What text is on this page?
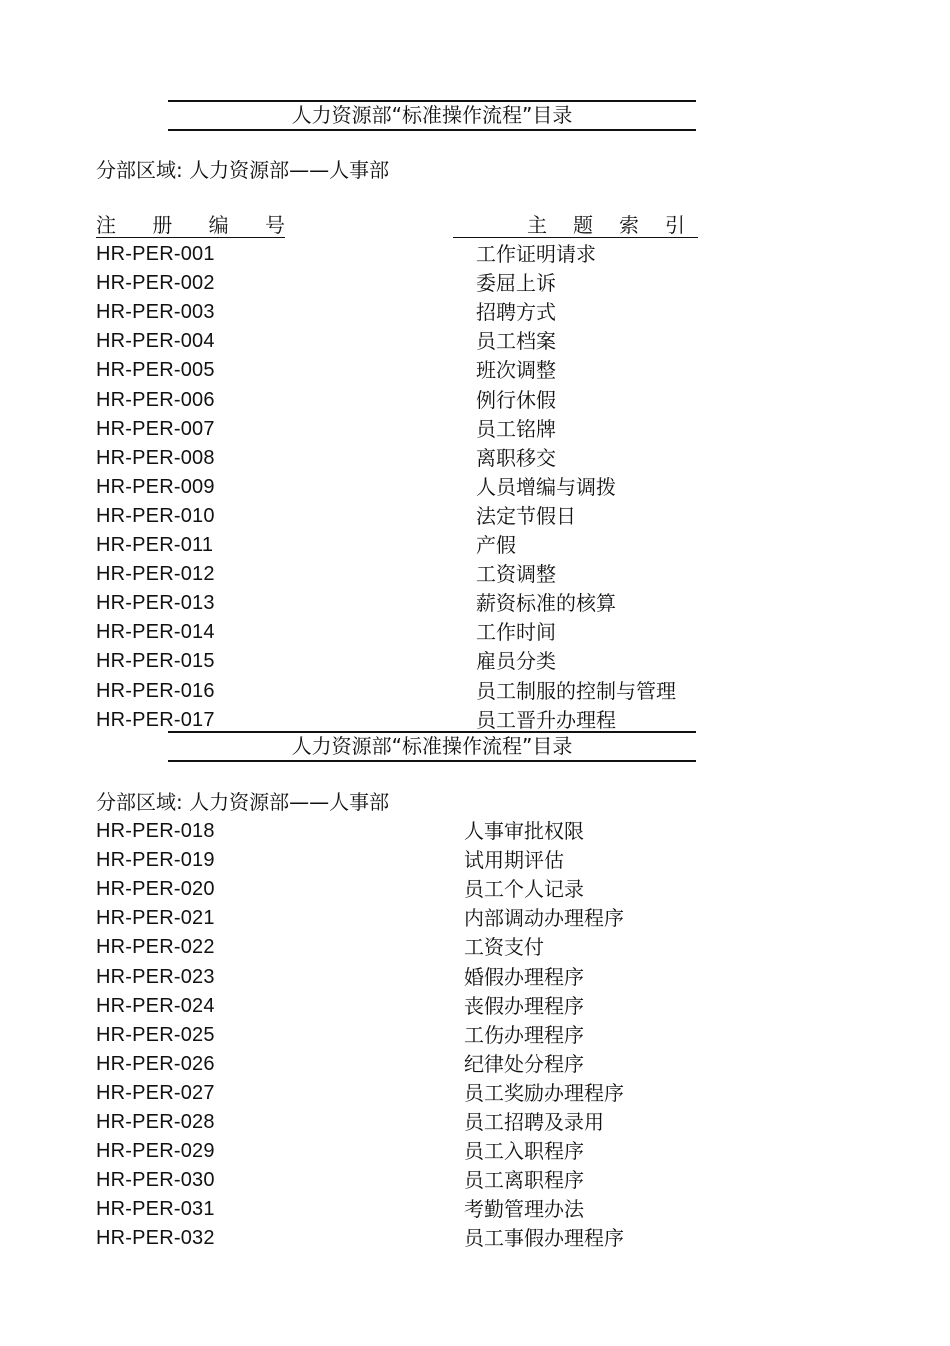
人力资源部“标准操作流程”目录
分部区域: 人力资源部——人事部
注 册 编 号	主	题	索	引
HR-PER-001	工作证明请求
HR-PER-002	委屈上诉
HR-PER-003	招聘方式
HR-PER-004	员工档案
HR-PER-005	班次调整
HR-PER-006	例行休假
HR-PER-007	员工铭牌
HR-PER-008	离职移交
HR-PER-009	人员增编与调拨
HR-PER-010	法定节假日
HR-PER-011	产假
HR-PER-012	工资调整
HR-PER-013	薪资标准的核算
HR-PER-014	工作时间
HR-PER-015	雇员分类
HR-PER-016	员工制服的控制与管理
HR-PER-017	员工晋升办理程
人力资源部“标准操作流程”目录
分部区域: 人力资源部——人事部
HR-PER-018	人事审批权限
HR-PER-019	试用期评估
HR-PER-020	员工个人记录
HR-PER-021	内部调动办理程序
HR-PER-022	工资支付
HR-PER-023	婚假办理程序
HR-PER-024	丧假办理程序
HR-PER-025	工伤办理程序
HR-PER-026	纪律处分程序
HR-PER-027	员工奖励办理程序
HR-PER-028	员工招聘及录用
HR-PER-029	员工入职程序
HR-PER-030	员工离职程序
HR-PER-031	考勤管理办法
HR-PER-032	员工事假办理程序
